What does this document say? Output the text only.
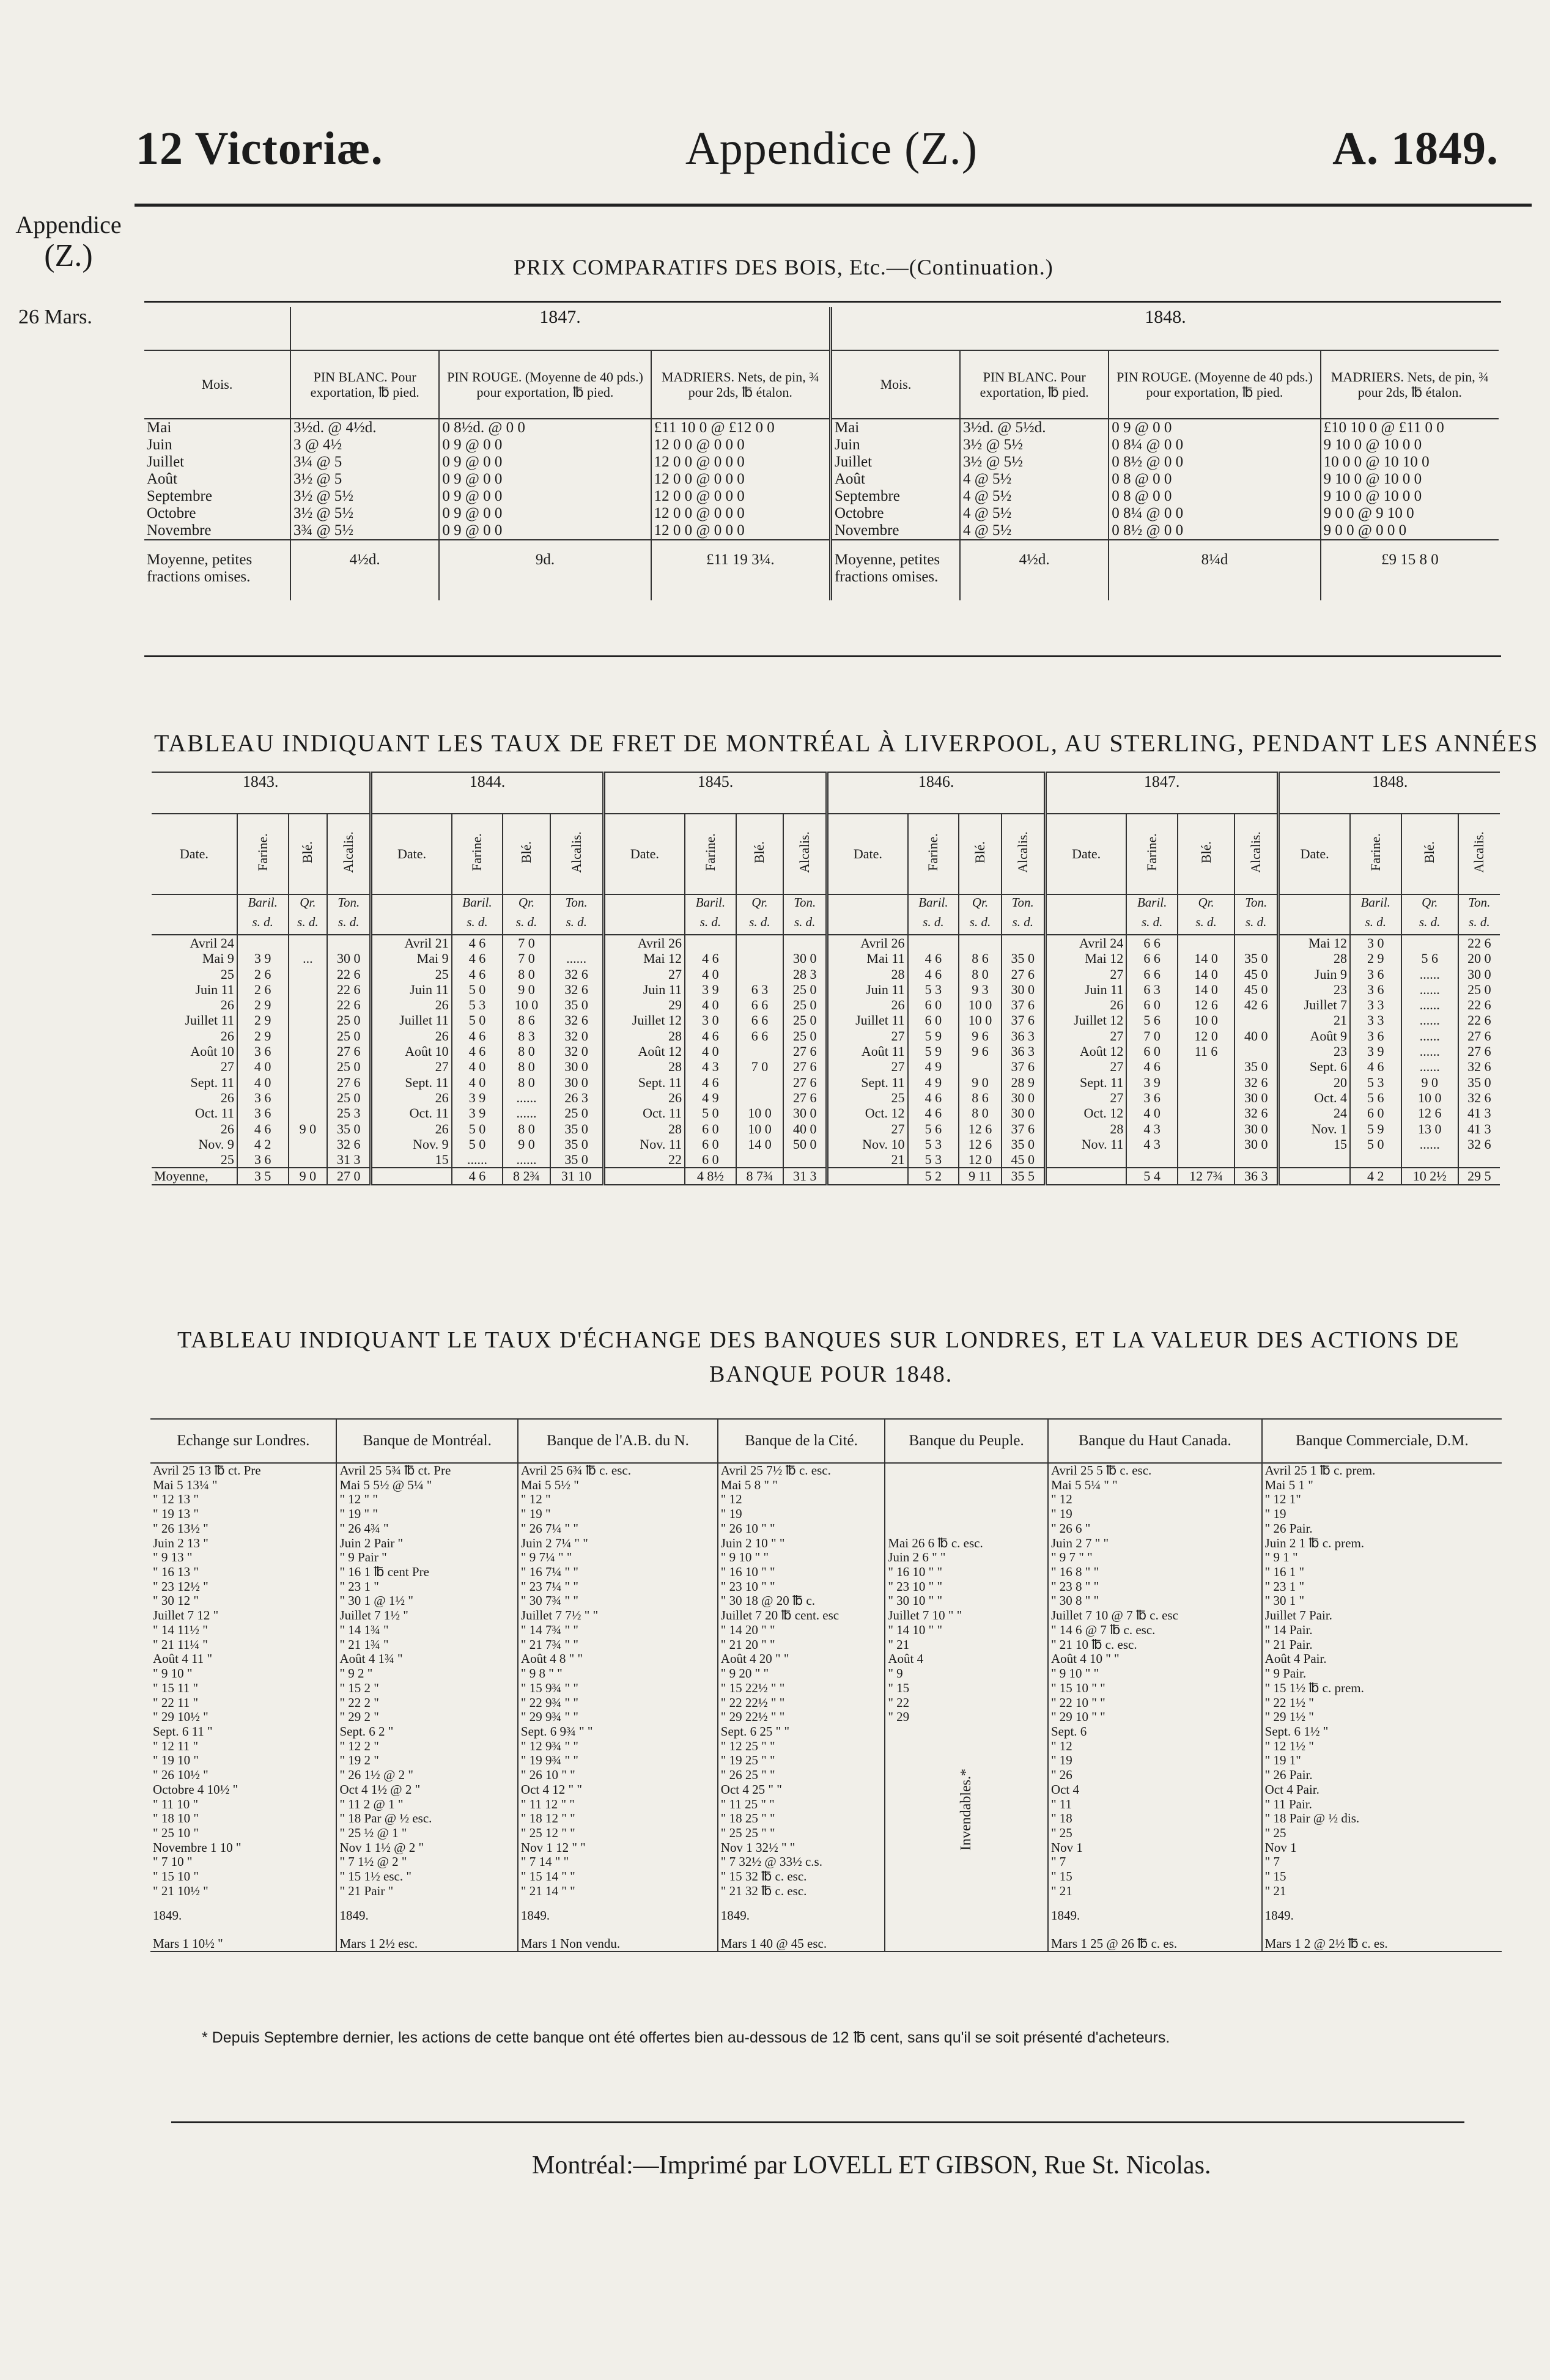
12 Victoriæ.	Appendice (Z.)	A. 1849.
Appendice
(Z.)
26 Mars.
PRIX COMPARATIFS DES BOIS, Etc.—(Continuation.)
	1847.			1848.			
Mois.	PIN BLANC. Pour exportation, ℔ pied.	PIN ROUGE. (Moyenne de 40 pds.) pour exportation, ℔ pied.	MADRIERS. Nets, de pin, ¾ pour 2ds, ℔ étalon.	Mois.	PIN BLANC. Pour exportation, ℔ pied.	PIN ROUGE. (Moyenne de 40 pds.) pour exportation, ℔ pied.	MADRIERS. Nets, de pin, ¾ pour 2ds, ℔ étalon.
Mai	3½d. @ 4½d.	0 8½d. @ 0 0	£11 10 0 @ £12 0 0	Mai	3½d. @ 5½d.	0 9 @ 0 0	£10 10 0 @ £11 0 0
Juin	3 @ 4½	0 9 @ 0 0	12 0 0 @ 0 0 0	Juin	3½ @ 5½	0 8¼ @ 0 0	9 10 0 @ 10 0 0
Juillet	3¼ @ 5	0 9 @ 0 0	12 0 0 @ 0 0 0	Juillet	3½ @ 5½	0 8½ @ 0 0	10 0 0 @ 10 10 0
Août	3½ @ 5	0 9 @ 0 0	12 0 0 @ 0 0 0	Août	4 @ 5½	0 8 @ 0 0	9 10 0 @ 10 0 0
Septembre	3½ @ 5½	0 9 @ 0 0	12 0 0 @ 0 0 0	Septembre	4 @ 5½	0 8 @ 0 0	9 10 0 @ 10 0 0
Octobre	3½ @ 5½	0 9 @ 0 0	12 0 0 @ 0 0 0	Octobre	4 @ 5½	0 8¼ @ 0 0	9 0 0 @ 9 10 0
Novembre	3¾ @ 5½	0 9 @ 0 0	12 0 0 @ 0 0 0	Novembre	4 @ 5½	0 8½ @ 0 0	9 0 0 @ 0 0 0
Moyenne, petites fractions omises.	4½d.	9d.	£11 19 3¼.	Moyenne, petites fractions omises.	4½d.	8¼d	£9 15 8 0
TABLEAU INDIQUANT LES TAUX DE FRET DE MONTRÉAL À LIVERPOOL, AU STERLING, PENDANT LES ANNÉES
1843.				1844.				1845.				1846.				1847.				1848.			
Date.	Farine.	Blé.	Alcalis.	Date.	Farine.	Blé.	Alcalis.	Date.	Farine.	Blé.	Alcalis.	Date.	Farine.	Blé.	Alcalis.	Date.	Farine.	Blé.	Alcalis.	Date.	Farine.	Blé.	Alcalis.
	Baril.	Qr.	Ton.		Baril.	Qr.	Ton.		Baril.	Qr.	Ton.		Baril.	Qr.	Ton.		Baril.	Qr.	Ton.		Baril.	Qr.	Ton.
	s. d.	s. d.	s. d.		s. d.	s. d.	s. d.		s. d.	s. d.	s. d.		s. d.	s. d.	s. d.		s. d.	s. d.	s. d.		s. d.	s. d.	s. d.
Avril 24				Avril 21	4 6	7 0		Avril 26				Avril 26				Avril 24	6 6			Mai 12	3 0		22 6
Mai 9	3 9	...	30 0	Mai 9	4 6	7 0	......	Mai 12	4 6		30 0	Mai 11	4 6	8 6	35 0	Mai 12	6 6	14 0	35 0	28	2 9	5 6	20 0
25	2 6		22 6	25	4 6	8 0	32 6	27	4 0		28 3	28	4 6	8 0	27 6	27	6 6	14 0	45 0	Juin 9	3 6	......	30 0
Juin 11	2 6		22 6	Juin 11	5 0	9 0	32 6	Juin 11	3 9	6 3	25 0	Juin 11	5 3	9 3	30 0	Juin 11	6 3	14 0	45 0	23	3 6	......	25 0
26	2 9		22 6	26	5 3	10 0	35 0	29	4 0	6 6	25 0	26	6 0	10 0	37 6	26	6 0	12 6	42 6	Juillet 7	3 3	......	22 6
Juillet 11	2 9		25 0	Juillet 11	5 0	8 6	32 6	Juillet 12	3 0	6 6	25 0	Juillet 11	6 0	10 0	37 6	Juillet 12	5 6	10 0		21	3 3	......	22 6
26	2 9		25 0	26	4 6	8 3	32 0	28	4 6	6 6	25 0	27	5 9	9 6	36 3	27	7 0	12 0	40 0	Août 9	3 6	......	27 6
Août 10	3 6		27 6	Août 10	4 6	8 0	32 0	Août 12	4 0		27 6	Août 11	5 9	9 6	36 3	Août 12	6 0	11 6		23	3 9	......	27 6
27	4 0		25 0	27	4 0	8 0	30 0	28	4 3	7 0	27 6	27	4 9		37 6	27	4 6		35 0	Sept. 6	4 6	......	32 6
Sept. 11	4 0		27 6	Sept. 11	4 0	8 0	30 0	Sept. 11	4 6		27 6	Sept. 11	4 9	9 0	28 9	Sept. 11	3 9		32 6	20	5 3	9 0	35 0
26	3 6		25 0	26	3 9	......	26 3	26	4 9		27 6	25	4 6	8 6	30 0	27	3 6		30 0	Oct. 4	5 6	10 0	32 6
Oct. 11	3 6		25 3	Oct. 11	3 9	......	25 0	Oct. 11	5 0	10 0	30 0	Oct. 12	4 6	8 0	30 0	Oct. 12	4 0		32 6	24	6 0	12 6	41 3
26	4 6	9 0	35 0	26	5 0	8 0	35 0	28	6 0	10 0	40 0	27	5 6	12 6	37 6	28	4 3		30 0	Nov. 1	5 9	13 0	41 3
Nov. 9	4 2		32 6	Nov. 9	5 0	9 0	35 0	Nov. 11	6 0	14 0	50 0	Nov. 10	5 3	12 6	35 0	Nov. 11	4 3		30 0	15	5 0	......	32 6
25	3 6		31 3	15	......	......	35 0	22	6 0			21	5 3	12 0	45 0								
Moyenne,	3 5	9 0	27 0		4 6	8 2¾	31 10		4 8½	8 7¾	31 3		5 2	9 11	35 5		5 4	12 7¾	36 3		4 2	10 2½	29 5
TABLEAU INDIQUANT LE TAUX D'ÉCHANGE DES BANQUES SUR LONDRES, ET LA VALEUR DES ACTIONS DE
BANQUE POUR 1848.
Echange sur Londres.	Banque de Montréal.	Banque de l'A.B. du N.	Banque de la Cité.	Banque du Peuple.	Banque du Haut Canada.	Banque Commerciale, D.M.
Avril 25 13 ℔ ct. Pre	Avril 25 5¾ ℔ ct. Pre	Avril 25 6¾ ℔ c. esc.	Avril 25 7½ ℔ c. esc.		Avril 25 5 ℔ c. esc.	Avril 25 1 ℔ c. prem.
Mai 5 13¼ "	Mai 5 5½ @ 5¼ "	Mai 5 5½ "	Mai 5 8 " "		Mai 5 5¼ " "	Mai 5 1 "
" 12 13 "	" 12 " "	" 12 "	" 12		" 12	" 12 1"
" 19 13 "	" 19 " "	" 19 "	" 19		" 19	" 19
" 26 13½ "	" 26 4¾ "	" 26 7¼ " "	" 26 10 " "		" 26 6 "	" 26 Pair.
Juin 2 13 "	Juin 2 Pair "	Juin 2 7¼ " "	Juin 2 10 " "	Mai 26 6 ℔ c. esc.	Juin 2 7 " "	Juin 2 1 ℔ c. prem.
" 9 13 "	" 9 Pair "	" 9 7¼ " "	" 9 10 " "	Juin 2 6 " "	" 9 7 " "	" 9 1 "
" 16 13 "	" 16 1 ℔ cent Pre	" 16 7¼ " "	" 16 10 " "	" 16 10 " "	" 16 8 " "	" 16 1 "
" 23 12½ "	" 23 1 "	" 23 7¼ " "	" 23 10 " "	" 23 10 " "	" 23 8 " "	" 23 1 "
" 30 12 "	" 30 1 @ 1½ "	" 30 7¾ " "	" 30 18 @ 20 ℔ c.	" 30 10 " "	" 30 8 " "	" 30 1 "
Juillet 7 12 "	Juillet 7 1½ "	Juillet 7 7½ " "	Juillet 7 20 ℔ cent. esc	Juillet 7 10 " "	Juillet 7 10 @ 7 ℔ c. esc	Juillet 7 Pair.
" 14 11½ "	" 14 1¾ "	" 14 7¾ " "	" 14 20 " "	" 14 10 " "	" 14 6 @ 7 ℔ c. esc.	" 14 Pair.
" 21 11¼ "	" 21 1¾ "	" 21 7¾ " "	" 21 20 " "	" 21	" 21 10 ℔ c. esc.	" 21 Pair.
Août 4 11 "	Août 4 1¾ "	Août 4 8 " "	Août 4 20 " "	Août 4	Août 4 10 " "	Août 4 Pair.
" 9 10 "	" 9 2 "	" 9 8 " "	" 9 20 " "	" 9	" 9 10 " "	" 9 Pair.
" 15 11 "	" 15 2 "	" 15 9¾ " "	" 15 22½ " "	" 15	" 15 10 " "	" 15 1½ ℔ c. prem.
" 22 11 "	" 22 2 "	" 22 9¾ " "	" 22 22½ " "	" 22	" 22 10 " "	" 22 1½ "
" 29 10½ "	" 29 2 "	" 29 9¾ " "	" 29 22½ " "	" 29	" 29 10 " "	" 29 1½ "
Sept. 6 11 "	Sept. 6 2 "	Sept. 6 9¾ " "	Sept. 6 25 " "	Invendables.*	Sept. 6	Sept. 6 1½ "
" 12 11 "	" 12 2 "	" 12 9¾ " "	" 12 25 " "		" 12	" 12 1½ "
" 19 10 "	" 19 2 "	" 19 9¾ " "	" 19 25 " "		" 19	" 19 1"
" 26 10½ "	" 26 1½ @ 2 "	" 26 10 " "	" 26 25 " "		" 26	" 26 Pair.
Octobre 4 10½ "	Oct 4 1½ @ 2 "	Oct 4 12 " "	Oct 4 25 " "		Oct 4	Oct 4 Pair.
" 11 10 "	" 11 2 @ 1 "	" 11 12 " "	" 11 25 " "		" 11	" 11 Pair.
" 18 10 "	" 18 Par @ ½ esc.	" 18 12 " "	" 18 25 " "		" 18	" 18 Pair @ ½ dis.
" 25 10 "	" 25 ½ @ 1 "	" 25 12 " "	" 25 25 " "		" 25	" 25
Novembre 1 10 "	Nov 1 1½ @ 2 "	Nov 1 12 " "	Nov 1 32½ " "		Nov 1	Nov 1
" 7 10 "	" 7 1½ @ 2 "	" 7 14 " "	" 7 32½ @ 33½ c.s.		" 7	" 7
" 15 10 "	" 15 1½ esc. "	" 15 14 " "	" 15 32 ℔ c. esc.		" 15	" 15
" 21 10½ "	" 21 Pair "	" 21 14 " "	" 21 32 ℔ c. esc.		" 21	" 21
1849.	1849.	1849.	1849.		1849.	1849.
Mars 1 10½ "	Mars 1 2½ esc.	Mars 1 Non vendu.	Mars 1 40 @ 45 esc.		Mars 1 25 @ 26 ℔ c. es.	Mars 1 2 @ 2½ ℔ c. es.
* Depuis Septembre dernier, les actions de cette banque ont été offertes bien au-dessous de 12 ℔ cent, sans qu'il se soit présenté d'acheteurs.
Montréal:—Imprimé par LOVELL ET GIBSON, Rue St. Nicolas.
